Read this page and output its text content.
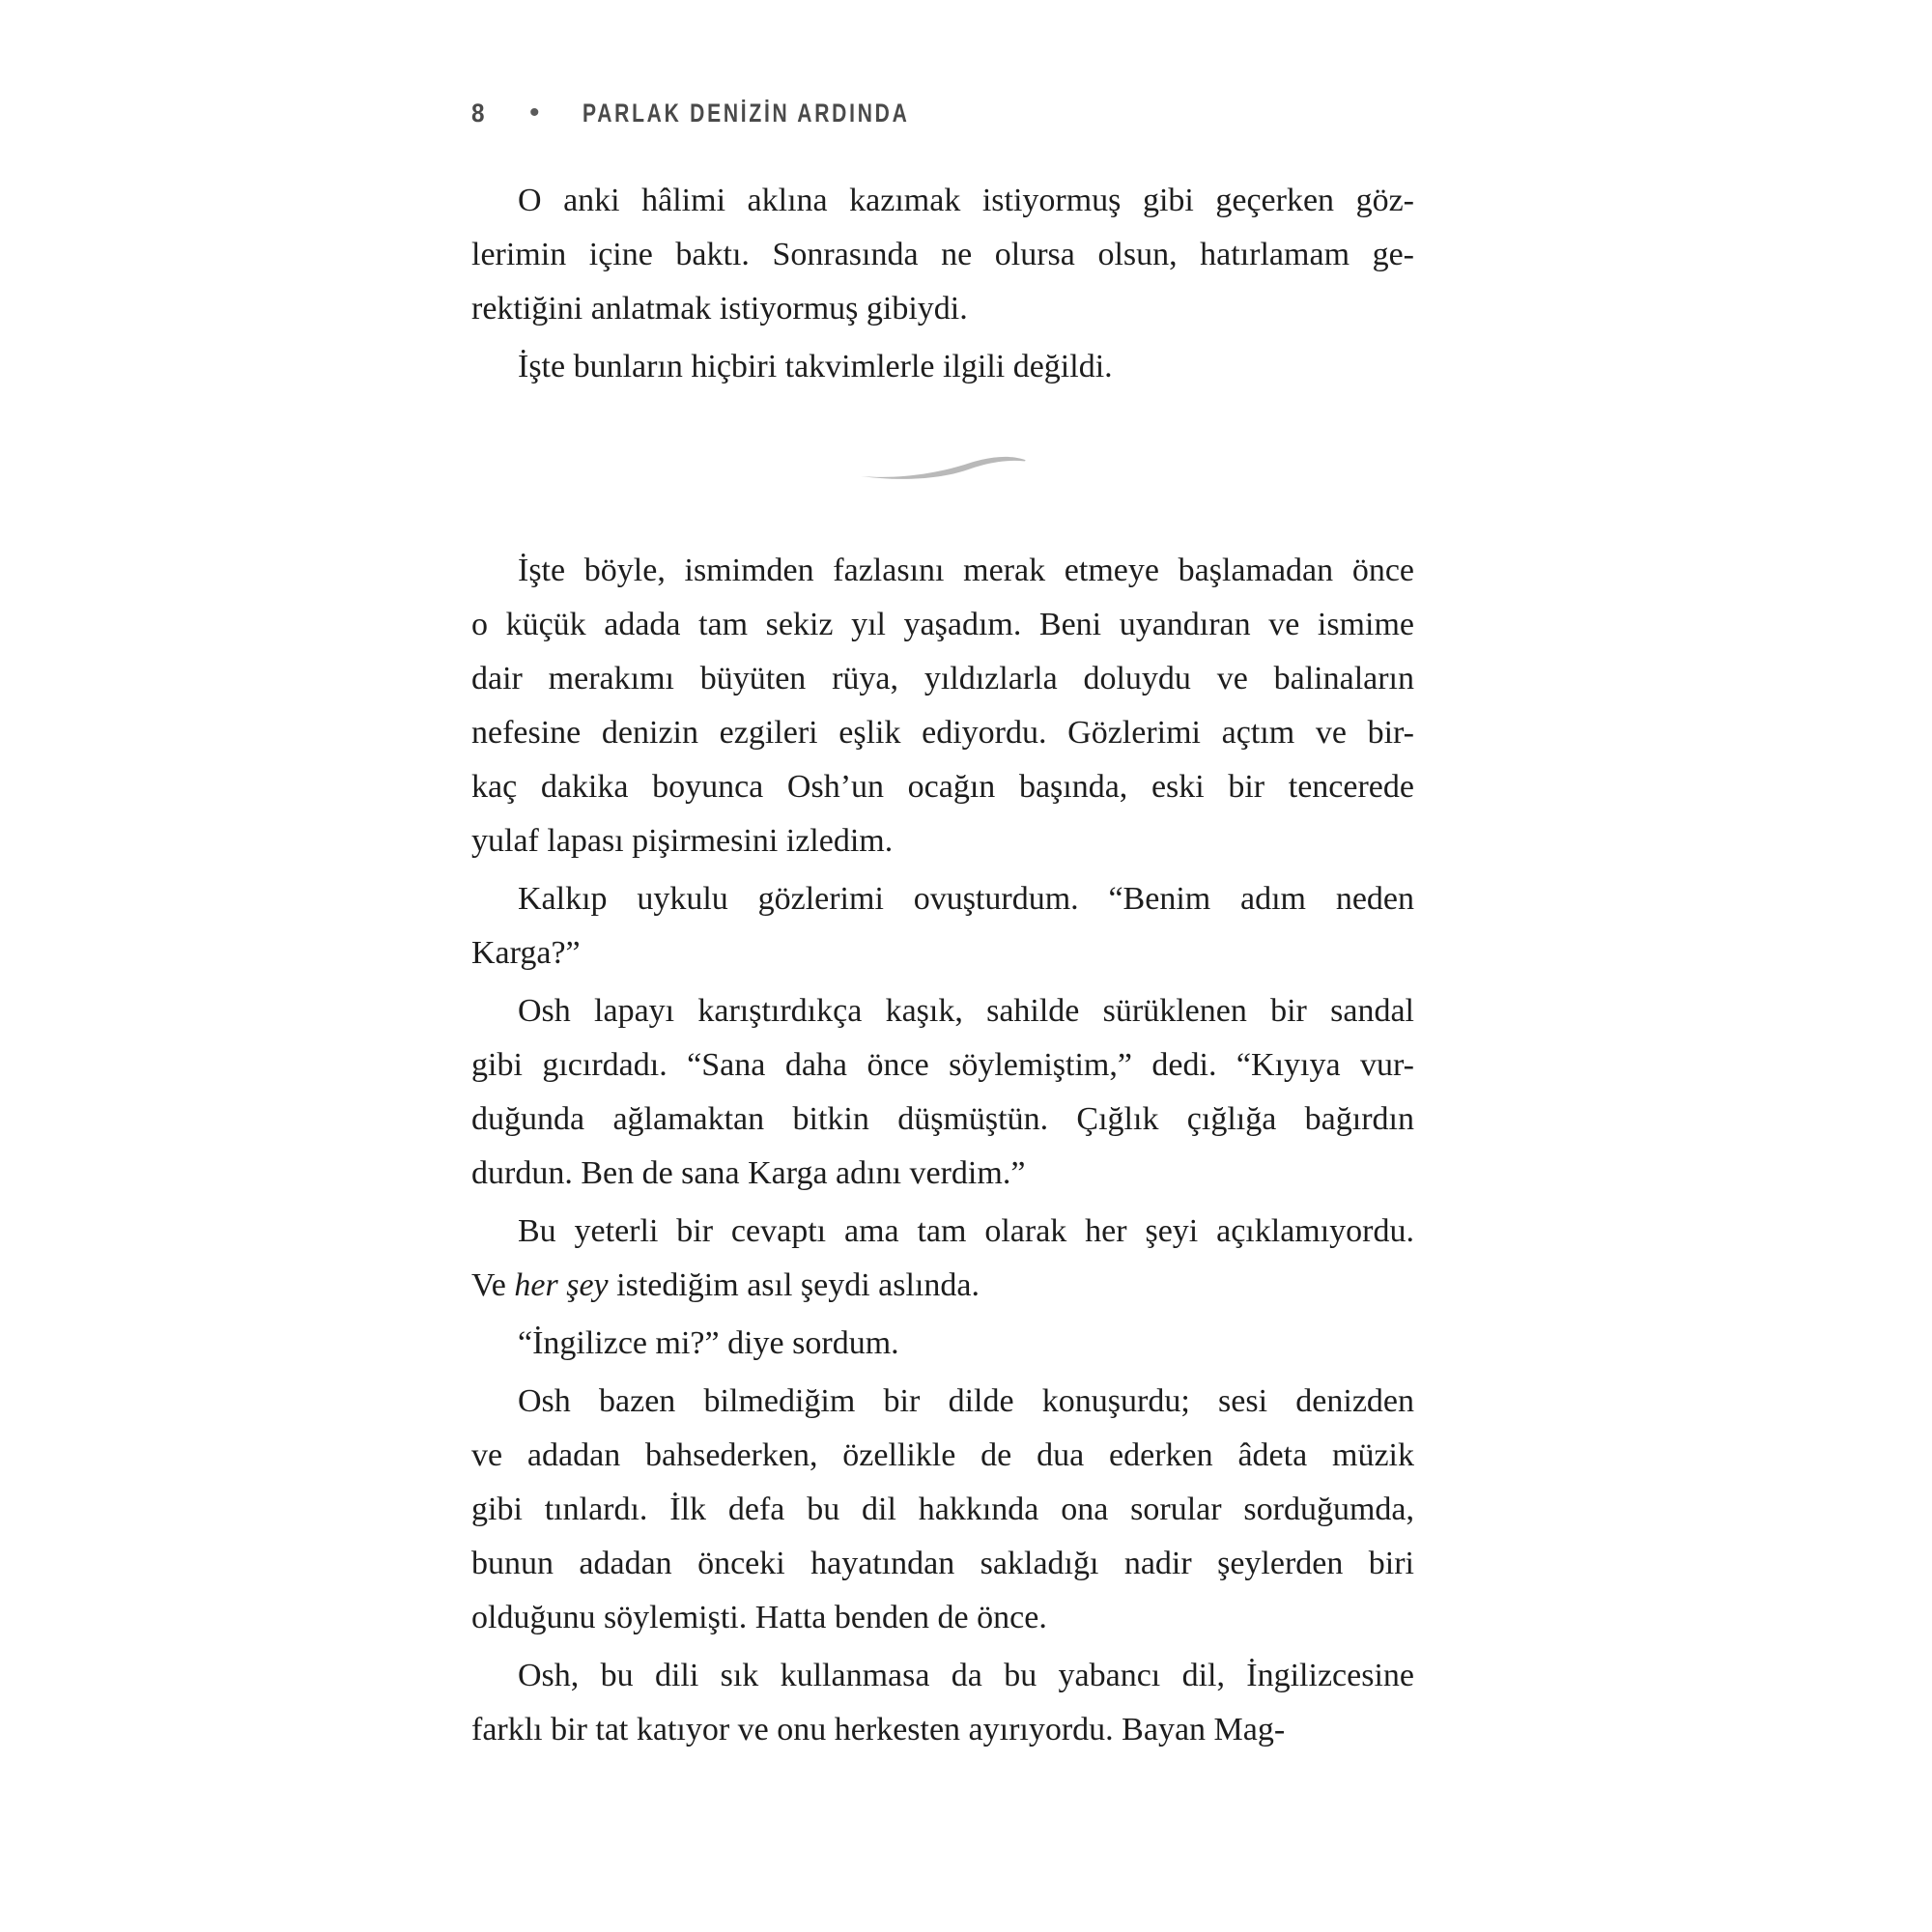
8 • PARLAK DENİZİN ARDINDA

O anki hâlimi aklına kazımak istiyormuş gibi geçerken göz-
lerimin içine baktı. Sonrasında ne olursa olsun, hatırlamam ge-
rektiğini anlatmak istiyormuş gibiydi.

İşte bunların hiçbiri takvimlerle ilgili değildi.

İşte böyle, ismimden fazlasını merak etmeye başlamadan önce
o küçük adada tam sekiz yıl yaşadım. Beni uyandıran ve ismime
dair merakımı büyüten rüya, yıldızlarla doluydu ve balinaların
nefesine denizin ezgileri eşlik ediyordu. Gözlerimi açtım ve bir-
kaç dakika boyunca Osh’un ocağın başında, eski bir tencerede
yulaf lapası pişirmesini izledim.

Kalkıp uykulu gözlerimi ovuşturdum. “Benim adım neden
Karga?”

Osh lapayı karıştırdıkça kaşık, sahilde sürüklenen bir sandal
gibi gıcırdadı. “Sana daha önce söylemiştim,” dedi. “Kıyıya vur-
duğunda ağlamaktan bitkin düşmüştün. Çığlık çığlığa bağırdın
durdun. Ben de sana Karga adını verdim.”

Bu yeterli bir cevaptı ama tam olarak her şeyi açıklamıyordu.
Ve her şey istediğim asıl şeydi aslında.

“İngilizce mi?” diye sordum.

Osh bazen bilmediğim bir dilde konuşurdu; sesi denizden
ve adadan bahsederken, özellikle de dua ederken âdeta müzik
gibi tınlardı. İlk defa bu dil hakkında ona sorular sorduğumda,
bunun adadan önceki hayatından sakladığı nadir şeylerden biri
olduğunu söylemişti. Hatta benden de önce.

Osh, bu dili sık kullanmasa da bu yabancı dil, İngilizcesine
farklı bir tat katıyor ve onu herkesten ayırıyordu. Bayan Mag-
